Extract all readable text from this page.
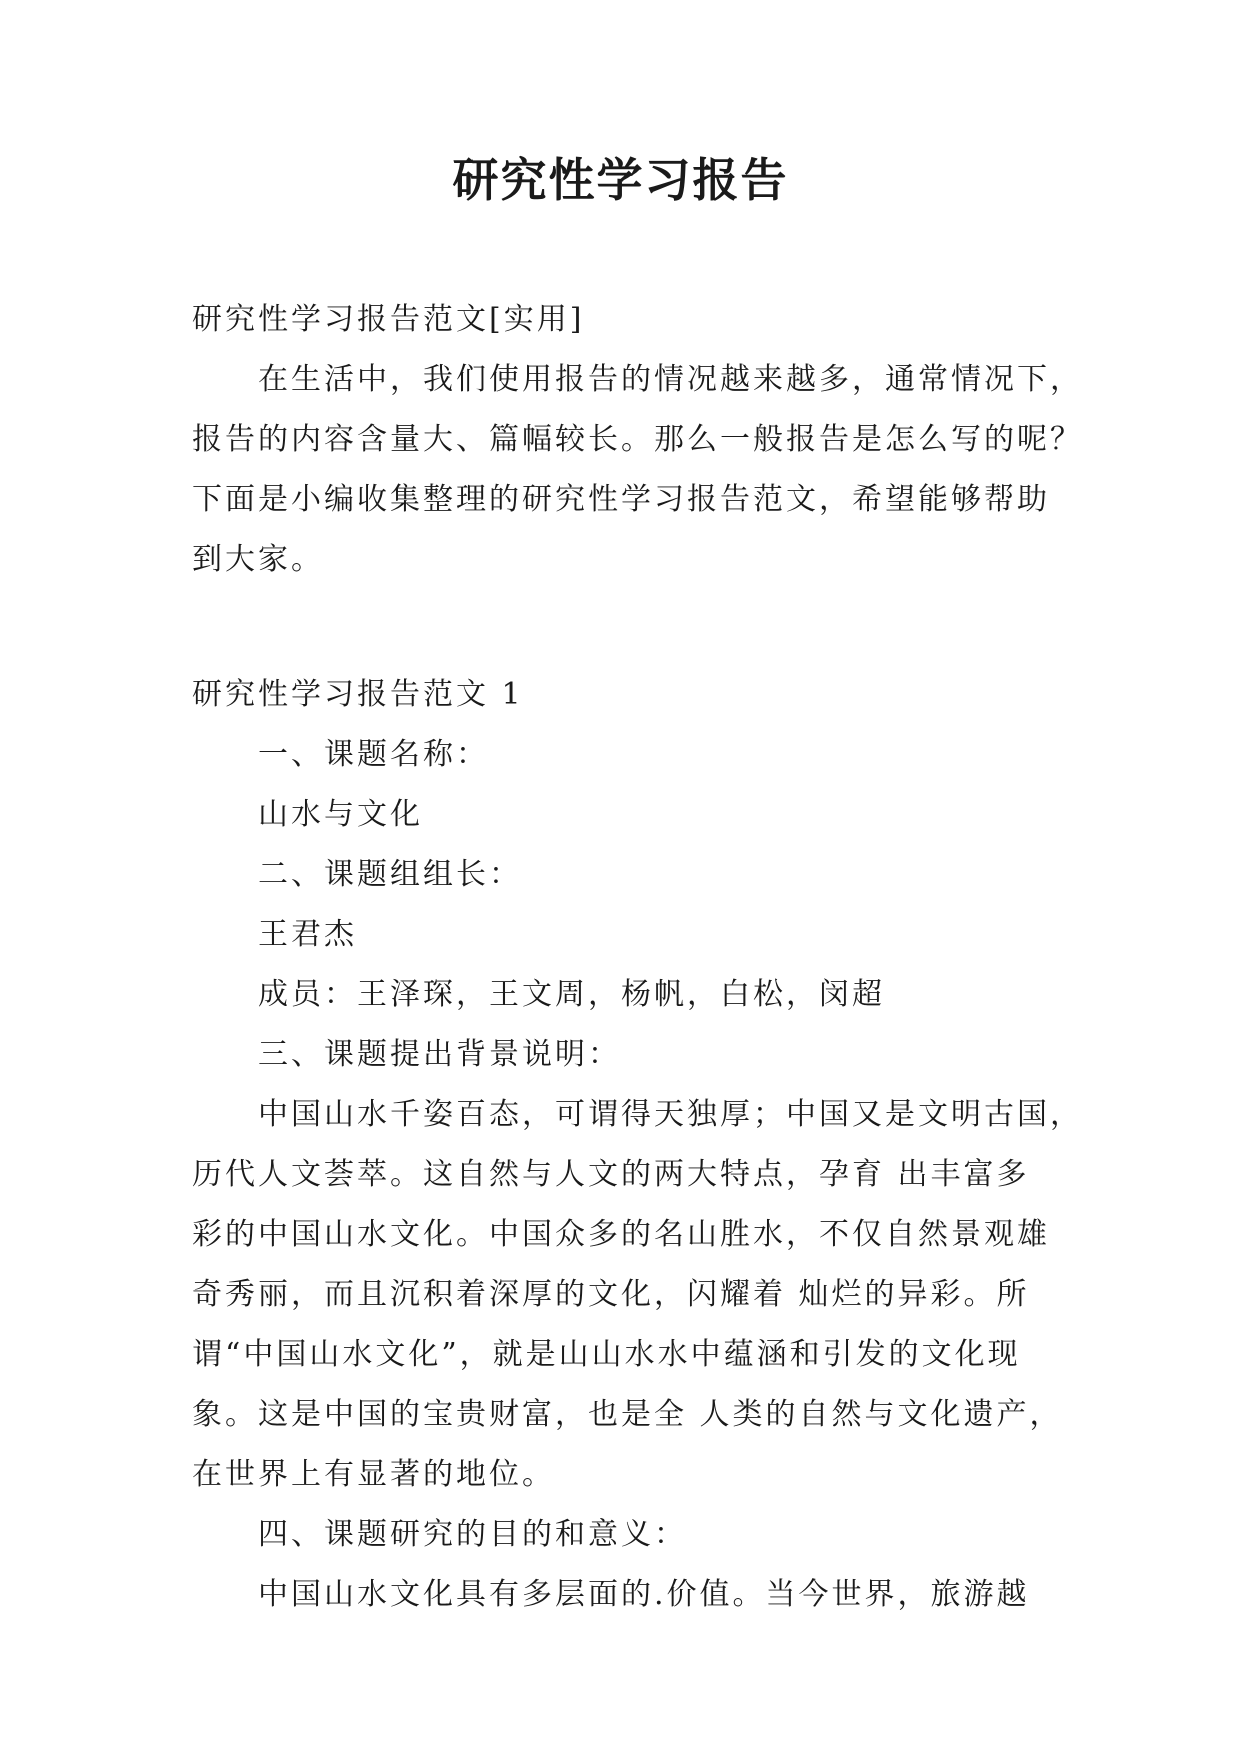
研究性学习报告

研究性学习报告范文[实用]

在生活中，我们使用报告的情况越来越多，通常情况下，

报告的内容含量大、篇幅较长。那么一般报告是怎么写的呢？

下面是小编收集整理的研究性学习报告范文，希望能够帮助

到大家。

研究性学习报告范文 1

一、课题名称：

山水与文化

二、课题组组长：

王君杰

成员：王泽琛，王文周，杨帆，白松，闵超

三、课题提出背景说明：

中国山水千姿百态，可谓得天独厚；中国又是文明古国，

历代人文荟萃。这自然与人文的两大特点，孕育 出丰富多

彩的中国山水文化。中国众多的名山胜水，不仅自然景观雄

奇秀丽，而且沉积着深厚的文化，闪耀着 灿烂的异彩。所

谓“中国山水文化”，就是山山水水中蕴涵和引发的文化现

象。这是中国的宝贵财富，也是全 人类的自然与文化遗产，

在世界上有显著的地位。

四、课题研究的目的和意义：

中国山水文化具有多层面的.价值。当今世界，旅游越
